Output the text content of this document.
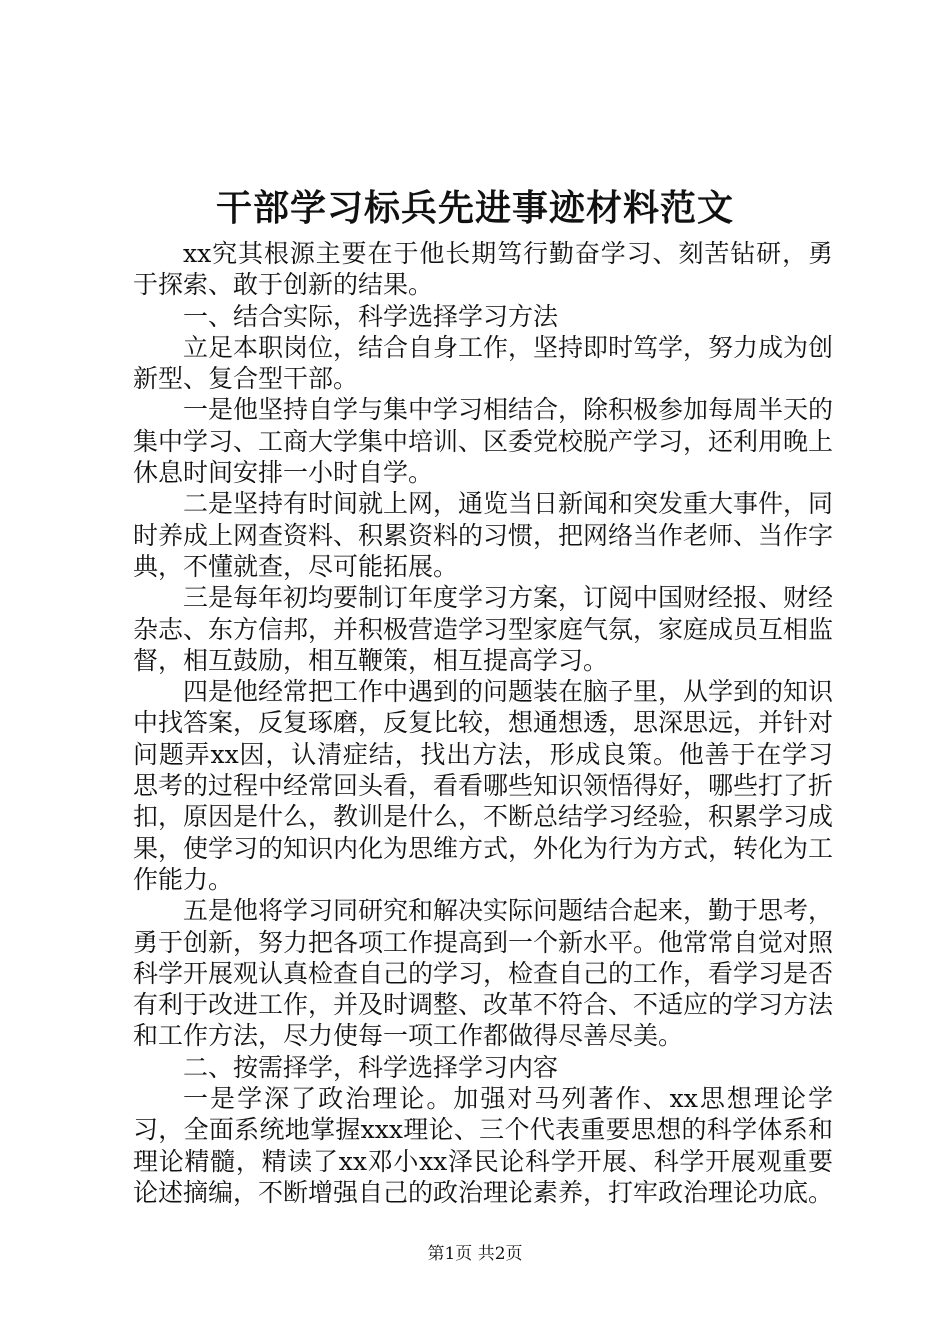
干部学习标兵先进事迹材料范文

xx究其根源主要在于他长期笃行勤奋学习、刻苦钻研，勇于探索、敢于创新的结果。

一、结合实际，科学选择学习方法

立足本职岗位，结合自身工作，坚持即时笃学，努力成为创新型、复合型干部。

一是他坚持自学与集中学习相结合，除积极参加每周半天的集中学习、工商大学集中培训、区委党校脱产学习，还利用晚上休息时间安排一小时自学。

二是坚持有时间就上网，通览当日新闻和突发重大事件，同时养成上网查资料、积累资料的习惯，把网络当作老师、当作字典，不懂就查，尽可能拓展。

三是每年初均要制订年度学习方案，订阅中国财经报、财经杂志、东方信邦，并积极营造学习型家庭气氛，家庭成员互相监督，相互鼓励，相互鞭策，相互提高学习。

四是他经常把工作中遇到的问题装在脑子里，从学到的知识中找答案，反复琢磨，反复比较，想通想透，思深思远，并针对问题弄xx因，认清症结，找出方法，形成良策。他善于在学习思考的过程中经常回头看，看看哪些知识领悟得好，哪些打了折扣，原因是什么，教训是什么，不断总结学习经验，积累学习成果，使学习的知识内化为思维方式，外化为行为方式，转化为工作能力。

五是他将学习同研究和解决实际问题结合起来，勤于思考，勇于创新，努力把各项工作提高到一个新水平。他常常自觉对照科学开展观认真检查自己的学习，检查自己的工作，看学习是否有利于改进工作，并及时调整、改革不符合、不适应的学习方法和工作方法，尽力使每一项工作都做得尽善尽美。

二、按需择学，科学选择学习内容

一是学深了政治理论。加强对马列著作、xx思想理论学习，全面系统地掌握xxx理论、三个代表重要思想的科学体系和理论精髓，精读了xx邓小xx泽民论科学开展、科学开展观重要论述摘编，不断增强自己的政治理论素养，打牢政治理论功底。

第1页 共2页
